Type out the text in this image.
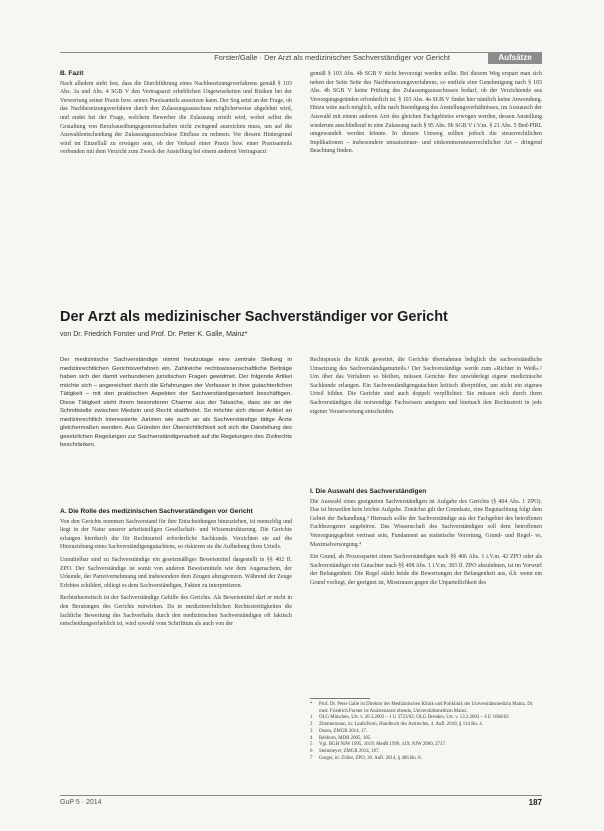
Forster/Galle · Der Arzt als medizinischer Sachverständiger vor Gericht	Aufsätze

B. Fazit

Nach alledem steht fest, dass die Durchführung eines Nachbesetzungsverfahrens gemäß § 103 Abs. 3a und Abs. 4 SGB V den Vertragsarzt erheblichen Ungewissheiten und Risiken bei der Verwertung seiner Praxis bzw. seines Praxisanteils aussetzen kann. Der Sog setzt an der Frage, ob das Nachbesetzungsverfahren durch den Zulassungsausschuss möglicherweise abgelehnt wird, und endet bei der Frage, welchem Bewerber die Zulassung erteilt wird, wobei selbst die Gestaltung von Berufsausübungsgemeinschaften nicht zwingend ausreichen muss, um auf die Auswahlentscheidung der Zulassungsausschüsse Einfluss zu nehmen. Vor diesem Hintergrund wird im Einzelfall zu erwägen sein, ob der Verkauf einer Praxis bzw. einer Praxisanteils verbunden mit dem Verzicht zum Zweck der Anstellung bei einem anderen Vertragsarzt

gemäß § 103 Abs. 4b SGB V nicht bevorzugt werden sollte. Bei diesem Weg erspart man sich neben der Seite Seite des Nachbesetzungsverfahrens, so entfiele eine Genehmigung nach § 103 Abs. 4b SGB V keine Prüfung des Zulassungsausschusses bedarf, ob der Verzichtende aus Versorgungsgründen erforderlich ist. § 103 Abs. 4a SGB V findet hier nämlich keine Anwendung. Hinzu wäre auch möglich, sollte nach Beendigung des Anstellungsverhältnisses, im Austausch der Auswahl mit einem anderen Arzt des gleichen Fachgebietes erwogen werden, dessen Anstellung wiederum anschließend in eine Zulassung nach § 95 Abs. 9b SGB V i.V.m. § 21 Abs. 5 Bed-PlRL umgewandelt werden könnte. In diesem Umweg sollten jedoch die steuerrechtlichen Implikationen – insbesondere umsatzsteuer- und einkommensteuerrechtlicher Art – dringend Beachtung finden.

Der Arzt als medizinischer Sachverständiger vor Gericht
von Dr. Friedrich Forster und Prof. Dr. Peter K. Galle, Mainz*

Der medizinische Sachverständige nimmt heutzutage eine zentrale Stellung in medizinrechtlichen Gerichtsverfahren ein. Zahlreiche rechtswissenschaftliche Beiträge haben sich der damit verbundenen juristischen Fragen gewidmet. Der folgende Artikel möchte sich – angereichert durch die Erfahrungen der Verfasser in ihrer gutachterlichen Tätigkeit – mit den praktischen Aspekten der Sachverständigenarbeit beschäftigen. Diese Tätigkeit steht ihrem besonderen Charme aus der Tatsache, dass sie an der Schnittstelle zwischen Medizin und Recht stattfindet. So möchte sich dieser Artikel an medizinrechtlich interessierte Juristen wie auch an als Sachverständige tätige Ärzte gleichermaßen wenden. Aus Gründen der Übersichtlichkeit soll sich die Darstellung des gesetzlichen Regelungen zur Sachverständigenarbeit auf die Regelungen des Zivilrechts beschränken.

A. Die Rolle des medizinischen Sachverständigen vor Gericht

Von den Gerichts nommen Sachverstand für ihre Entscheidungen hinzuziehen, ist menschlig und liegt in der Natur unserer arbeitsteiligen Gesellschaft- und Wissenstrukturung. Die Gerichte erlangen hierdurch die für Rechtsurteil erforderliche Sachkunde. Verzichten sie auf die Hinzuziehung eines Sachverständigengutachtens, so riskieren sie die Aufhebung ihres Urteils.

Unmittelbar sind zu Sachverständige ein gesetzmäßiges Beweismittel dargestellt in §§ 402 ff. ZPO. Der Sachverständige ist somit von anderen Beweismitteln wie dem Augenschein, der Urkunde, der Parteivernehmung und insbesondere dem Zeugen abzugrenzen. Während der Zeuge Erlebtes schildert, obliegt es dem Sachverständigen, Fakten zu interpretieren.

Rechtstheoretisch ist der Sachverständige Gehilfe des Gerichts. Als Beweismittel darf er nicht in den Beratungen des Gerichts mitwirken. Da in medizinrechtlichen Rechtsstreitigkeiten die fachliche Bewertung des Sachverhalts durch den medizinischen Sachverständigen oft faktisch entscheidungserheblich ist, wird sowohl vom Schrifttum als auch von der

Rechtspraxis die Kritik geweitet, die Gerichte übernahmen lediglich die sachverständliche Umsetzung des Sachverständigenurteils.¹ Der Sachverständige werde zum »Richter in Weiß«.² Um über das Verfahren so bleiben, müssen Gerichte Ihre unwiderlegt eigene medizinische Sachkunde erlangen. Ein Sachverständigengutachten kritisch überprüfen, um nicht ein eigenes Urteil bilden. Die Gerichte sind auch doppelt verpflichtet: Sie müssen sich durch ihren Sachverständigen die notwendige Fachwissen aneignen und hiernach den Rechtsstreit in jede eigener Verantwortung entscheiden.

I. Die Auswahl des Sachverständigen

Die Auswahl eines geeigneten Sachverständigen ist Aufgabe des Gerichts (§ 404 Abs. 1 ZPO). Das ist bisweilen kein leichte Aufgabe. Zunächst gilt der Grundsatz, eine Begutachtung folgt dem Gebiet der Behandlung.³ Hiernach sollte der Sachverständige aus der Fachgebiet des betroffenen Fachbezogener angehören. Das Wissenschaft des Sachverständigen soll dem betroffenen Versorgungsgebiet vertraut sein, Fundament an statistische Verortung, Grund- und Regel- vs. Maximalversorgung.⁴

Ein Grund, ab Prozesspartei einen Sachverständigen nach §§ 406 Abs. 1 i.V.m. 42 ZPO oder als Sachverständiger ein Gutachter nach §§ 408 Abs. 1 i.V.m. 383 ff. ZPO abzulehnen, ist im Vorwurf der Befangenheit. Die Regel stärkt beide die Bewertungen der Befangenheit aus, d.h. wenn ein Grund vorliegt, der geeignet ist, Misstrauen gegen die Unparteilichkeit des

* Prof. Dr. Peter Galle ist Direktor der Medizinischen Klinik und Poliklinik der Universitätsmedizin Mainz. Dr. med. Friedrich Forster ist Assistenzarzt ebenda, Universitätsmedizin Mainz.
1 OLG München, Urt. v. 20.3.2003 – 1 U 3723/02; OLG Dresden, Urt. v. 13.3.2003 – 4 U 1060/02.
2 Zimmermann, in: Laufs/Kern, Handbuch des Arztrechts, 4. Aufl. 2010, § 114 Rn. 4.
3 Ossen, ZMGR 2014, 17.
4 Rehborn, MDR 2005, 185.
5 Vgl. BGH NJW 1995, 1619; MedR 1999, 419; NJW 2000, 2737.
6 Steinmeyer, ZMGR 2014, 187.
7 Greger, in: Zöller, ZPO, 30. Aufl. 2014, § 406 Rn. 8.
GuP 5 · 2014	187
